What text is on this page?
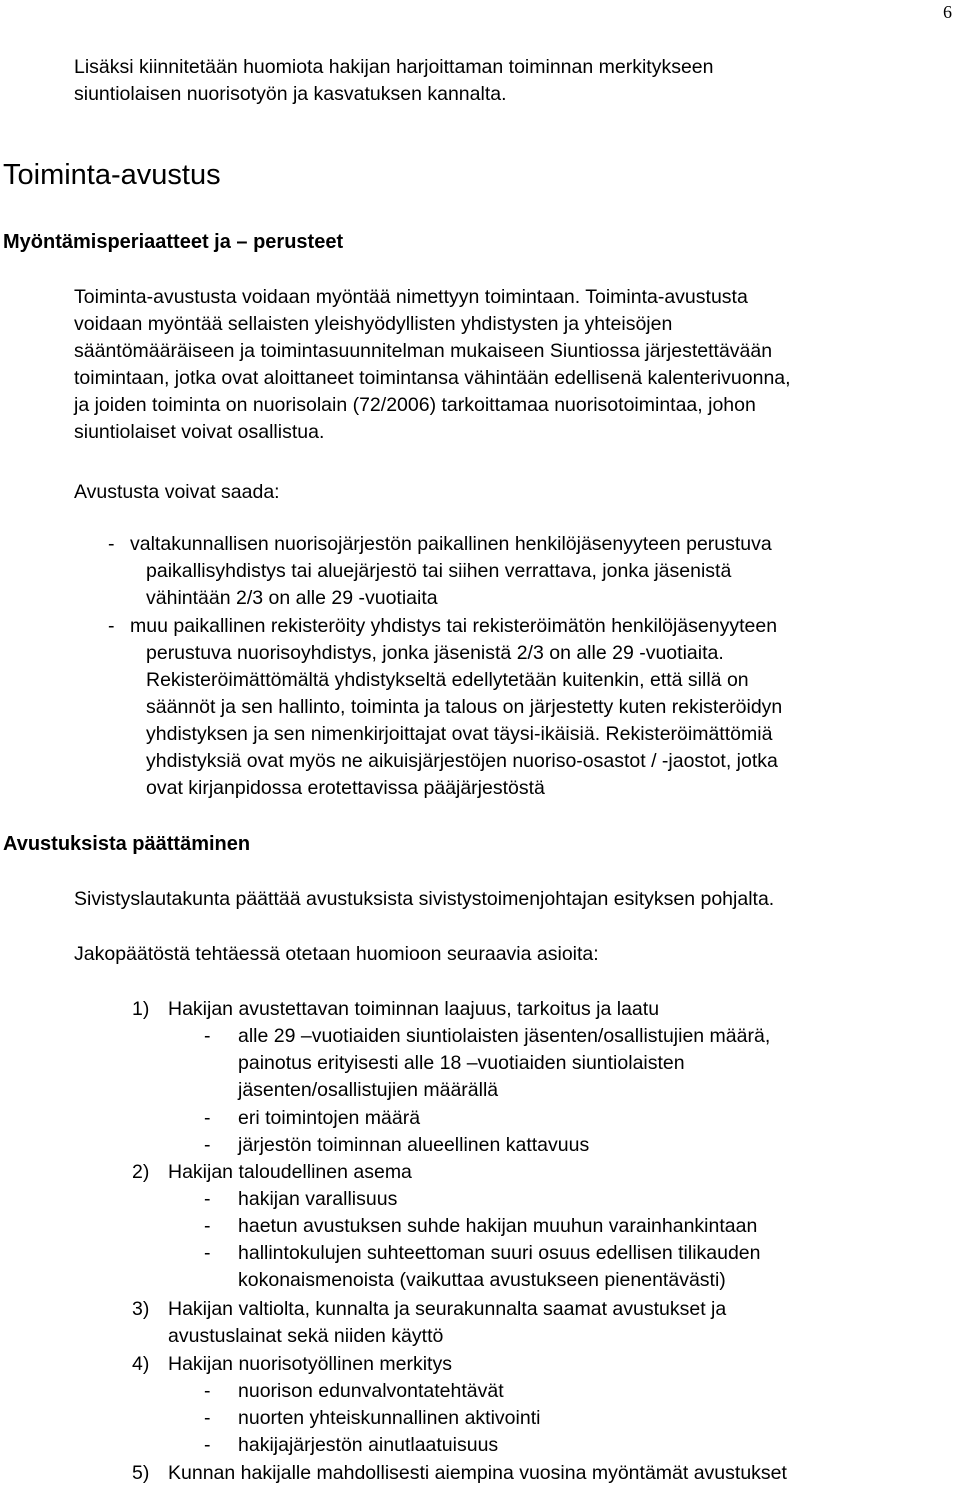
6
Lisäksi kiinnitetään huomiota hakijan harjoittaman toiminnan merkitykseen
siuntiolaisen nuorisotyön ja kasvatuksen kannalta.
Toiminta-avustus
Myöntämisperiaatteet ja – perusteet
Toiminta-avustusta voidaan myöntää nimettyyn toimintaan. Toiminta-avustusta
voidaan myöntää sellaisten yleishyödyllisten yhdistysten ja yhteisöjen
sääntömääräiseen ja toimintasuunnitelman mukaiseen Siuntiossa järjestettävään
toimintaan, jotka ovat aloittaneet toimintansa vähintään edellisenä kalenterivuonna,
ja joiden toiminta on nuorisolain (72/2006) tarkoittamaa nuorisotoimintaa, johon
siuntiolaiset voivat osallistua.
Avustusta voivat saada:
- valtakunnallisen nuorisojärjestön paikallinen henkilöjäsenyyteen perustuva
paikallisyhdistys tai aluejärjestö tai siihen verrattava, jonka jäsenistä
vähintään 2/3 on alle 29 -vuotiaita
- muu paikallinen rekisteröity yhdistys tai rekisteröimätön henkilöjäsenyyteen
perustuva nuorisoyhdistys, jonka jäsenistä 2/3 on alle 29 -vuotiaita.
Rekisteröimättömältä yhdistykseltä edellytetään kuitenkin, että sillä on
säännöt ja sen hallinto, toiminta ja talous on järjestetty kuten rekisteröidyn
yhdistyksen ja sen nimenkirjoittajat ovat täysi-ikäisiä. Rekisteröimättömiä
yhdistyksiä ovat myös ne aikuisjärjestöjen nuoriso-osastot / -jaostot, jotka
ovat kirjanpidossa erotettavissa pääjärjestöstä
Avustuksista päättäminen
Sivistyslautakunta päättää avustuksista sivistystoimenjohtajan esityksen pohjalta.
Jakopäätöstä tehtäessä otetaan huomioon seuraavia asioita:
1) Hakijan avustettavan toiminnan laajuus, tarkoitus ja laatu
- alle 29 –vuotiaiden siuntiolaisten jäsenten/osallistujien määrä,
painotus erityisesti alle 18 –vuotiaiden siuntiolaisten
jäsenten/osallistujien määrällä
- eri toimintojen määrä
- järjestön toiminnan alueellinen kattavuus
2) Hakijan taloudellinen asema
- hakijan varallisuus
- haetun avustuksen suhde hakijan muuhun varainhankintaan
- hallintokulujen suhteettoman suuri osuus edellisen tilikauden
kokonaismenoista (vaikuttaa avustukseen pienentävästi)
3) Hakijan valtiolta, kunnalta ja seurakunnalta saamat avustukset ja
avustuslainat sekä niiden käyttö
4) Hakijan nuorisotyöllinen merkitys
- nuorison edunvalvontatehtävät
- nuorten yhteiskunnallinen aktivointi
- hakijajärjestön ainutlaatuisuus
5) Kunnan hakijalle mahdollisesti aiempina vuosina myöntämät avustukset
